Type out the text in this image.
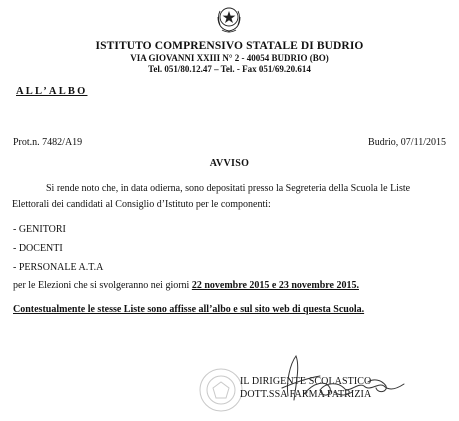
ISTITUTO COMPRENSIVO STATALE DI BUDRIO
VIA GIOVANNI XXIII N° 2 - 40054 BUDRIO (BO)
Tel. 051/80.12.47 – Tel. - Fax 051/69.20.614
ALL’ALBO
Prot.n. 7482/A19	Budrio, 07/11/2015
AVVISO
Si rende noto che, in data odierna, sono depositati presso la Segreteria della Scuola le Liste Elettorali dei candidati al Consiglio d’Istituto per le componenti:
- GENITORI
- DOCENTI
- PERSONALE A.T.A
per le Elezioni che si svolgeranno nei giorni 22 novembre 2015 e 23 novembre 2015.
Contestualmente le stesse Liste sono affisse all’albo e sul sito web di questa Scuola.
IL DIRIGENTE SCOLASTICO
DOTT.SSA FARMA PATRIZIA
